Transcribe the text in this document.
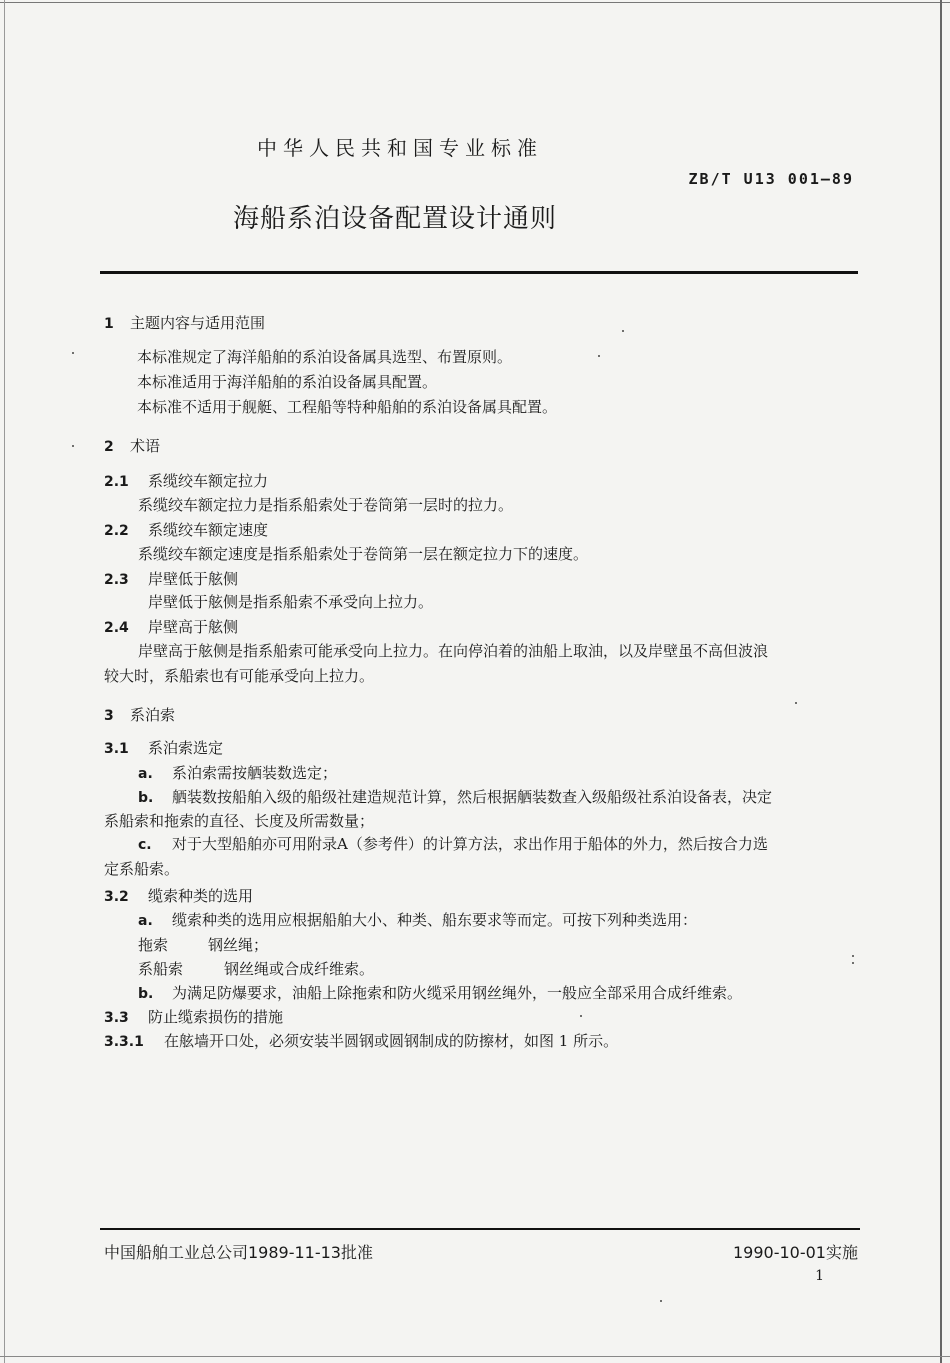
中华人民共和国专业标准
ZB/T U13 001—89
海船系泊设备配置设计通则
1 主题内容与适用范围
本标准规定了海洋船舶的系泊设备属具选型、布置原则。
本标准适用于海洋船舶的系泊设备属具配置。
本标准不适用于舰艇、工程船等特种船舶的系泊设备属具配置。
2 术语
2.1 系缆绞车额定拉力
系缆绞车额定拉力是指系船索处于卷筒第一层时的拉力。
2.2 系缆绞车额定速度
系缆绞车额定速度是指系船索处于卷筒第一层在额定拉力下的速度。
2.3 岸壁低于舷侧
岸壁低于舷侧是指系船索不承受向上拉力。
2.4 岸壁高于舷侧
岸壁高于舷侧是指系船索可能承受向上拉力。在向停泊着的油船上取油，以及岸壁虽不高但波浪
较大时，系船索也有可能承受向上拉力。
3 系泊索
3.1 系泊索选定
a. 系泊索需按舾装数选定；
b. 舾装数按船舶入级的船级社建造规范计算，然后根据舾装数查入级船级社系泊设备表，决定
系船索和拖索的直径、长度及所需数量；
c. 对于大型船舶亦可用附录A（参考件）的计算方法，求出作用于船体的外力，然后按合力选
定系船索。
3.2 缆索种类的选用
a. 缆索种类的选用应根据船舶大小、种类、船东要求等而定。可按下列种类选用：
拖索	钢丝绳；
系船索	钢丝绳或合成纤维索。
b. 为满足防爆要求，油船上除拖索和防火缆采用钢丝绳外，一般应全部采用合成纤维索。
3.3 防止缆索损伤的措施
3.3.1 在舷墙开口处，必须安装半圆钢或圆钢制成的防擦材，如图 1 所示。
中国船舶工业总公司1989-11-13批准	1990-10-01实施
1
